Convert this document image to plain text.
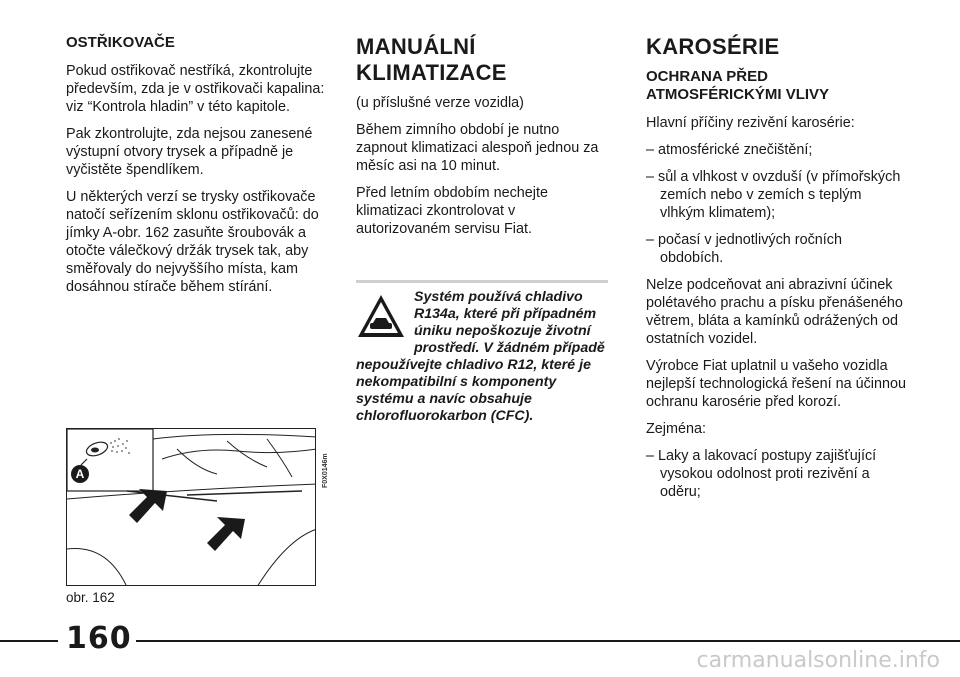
OSTŘIKOVAČE

Pokud ostřikovač nestříká, zkontrolujte především, zda je v ostřikovači kapalina: viz “Kontrola hladin” v této kapitole.

Pak zkontrolujte, zda nejsou zanesené výstupní otvory trysek a případně je vyčistěte špendlíkem.

U některých verzí se trysky ostřikovače natočí seřízením sklonu ostřikovačů: do jímky A-obr. 162 zasuňte šroubovák a otočte válečkový držák trysek tak, aby směřovaly do nejvyššího místa, kam dosáhnou stírače během stírání.

MANUÁLNÍ
KLIMATIZACE

(u příslušné verze vozidla)

Během zimního období je nutno zapnout klimatizaci alespoň jednou za měsíc asi na 10 minut.

Před letním obdobím nechejte klimatizaci zkontrolovat v autorizovaném servisu Fiat.

Systém používá chladivo R134a, které při případném úniku nepoškozuje životní prostředí. V žádném případě nepoužívejte chladivo R12, které je nekompatibilní s komponenty systému a navíc obsahuje chlorofluorokarbon (CFC).

KAROSÉRIE
OCHRANA PŘED
ATMOSFÉRICKÝMI VLIVY

Hlavní příčiny rezivění karosérie:

– atmosférické znečištění;

– sůl a vlhkost v ovzduší (v přímořských zemích nebo v zemích s teplým vlhkým klimatem);

– počasí v jednotlivých ročních obdobích.

Nelze podceňovat ani abrazivní účinek polétavého prachu a písku přenášeného větrem, bláta a kamínků odrážených od ostatních vozidel.

Výrobce Fiat uplatnil u vašeho vozidla nejlepší technologická řešení na účinnou ochranu karosérie před korozí.

Zejména:

– Laky a lakovací postupy zajišťující vysokou odolnost proti rezivění a oděru;

A	F0X0146m
obr. 162
160
carmanualsonline.info
